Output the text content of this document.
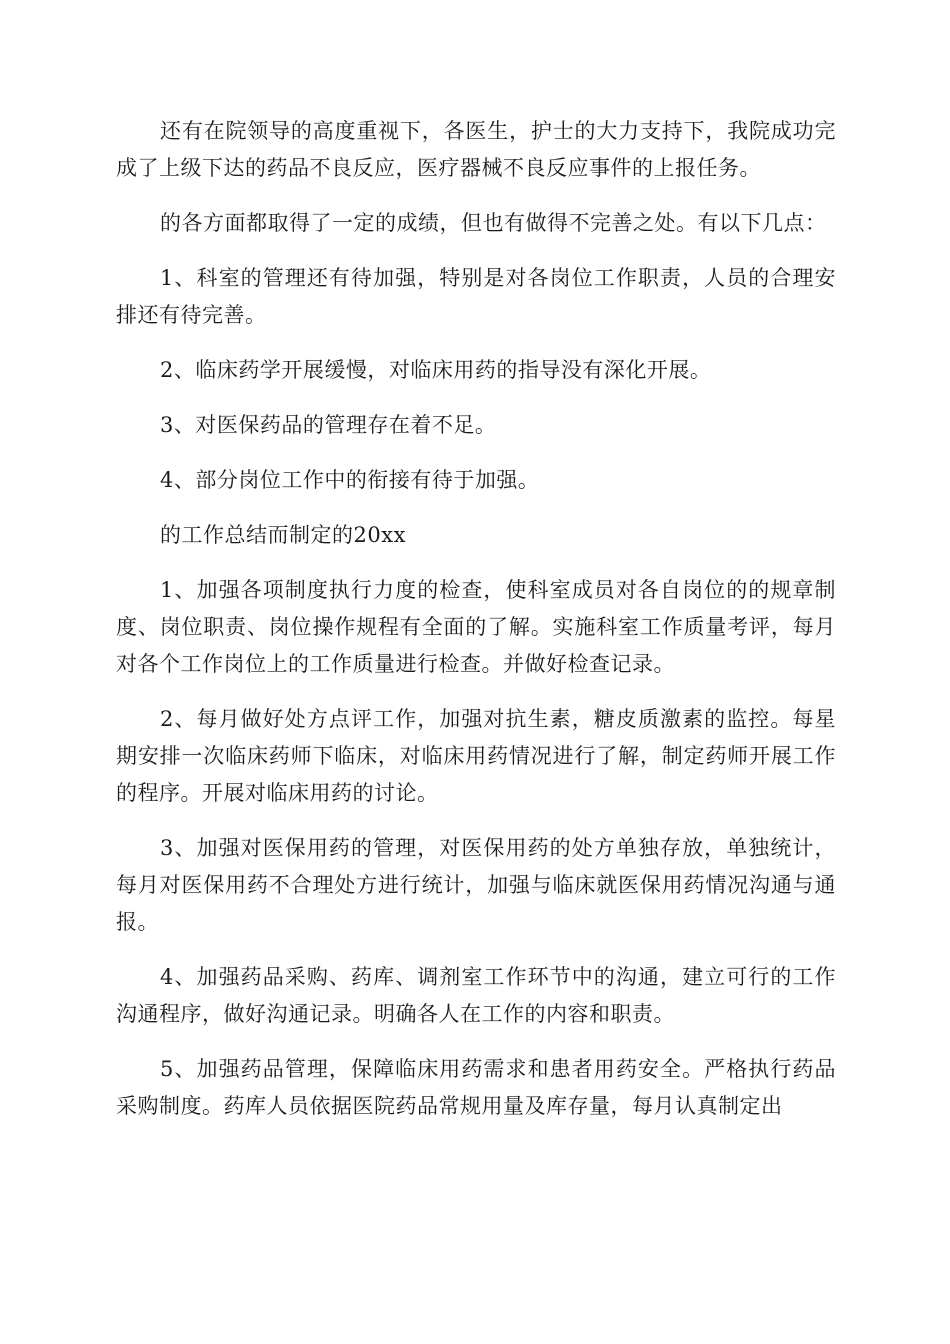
还有在院领导的高度重视下，各医生，护士的大力支持下，我院成功完成了上级下达的药品不良反应，医疗器械不良反应事件的上报任务。

的各方面都取得了一定的成绩，但也有做得不完善之处。有以下几点：

1、科室的管理还有待加强，特别是对各岗位工作职责，人员的合理安排还有待完善。

2、临床药学开展缓慢，对临床用药的指导没有深化开展。

3、对医保药品的管理存在着不足。

4、部分岗位工作中的衔接有待于加强。

的工作总结而制定的20xx

1、加强各项制度执行力度的检查，使科室成员对各自岗位的的规章制度、岗位职责、岗位操作规程有全面的了解。实施科室工作质量考评，每月对各个工作岗位上的工作质量进行检查。并做好检查记录。

2、每月做好处方点评工作，加强对抗生素，糖皮质激素的监控。每星期安排一次临床药师下临床，对临床用药情况进行了解，制定药师开展工作的程序。开展对临床用药的讨论。

3、加强对医保用药的管理，对医保用药的处方单独存放，单独统计，每月对医保用药不合理处方进行统计，加强与临床就医保用药情况沟通与通报。

4、加强药品采购、药库、调剂室工作环节中的沟通，建立可行的工作沟通程序，做好沟通记录。明确各人在工作的内容和职责。

5、加强药品管理，保障临床用药需求和患者用药安全。严格执行药品采购制度。药库人员依据医院药品常规用量及库存量，每月认真制定出
